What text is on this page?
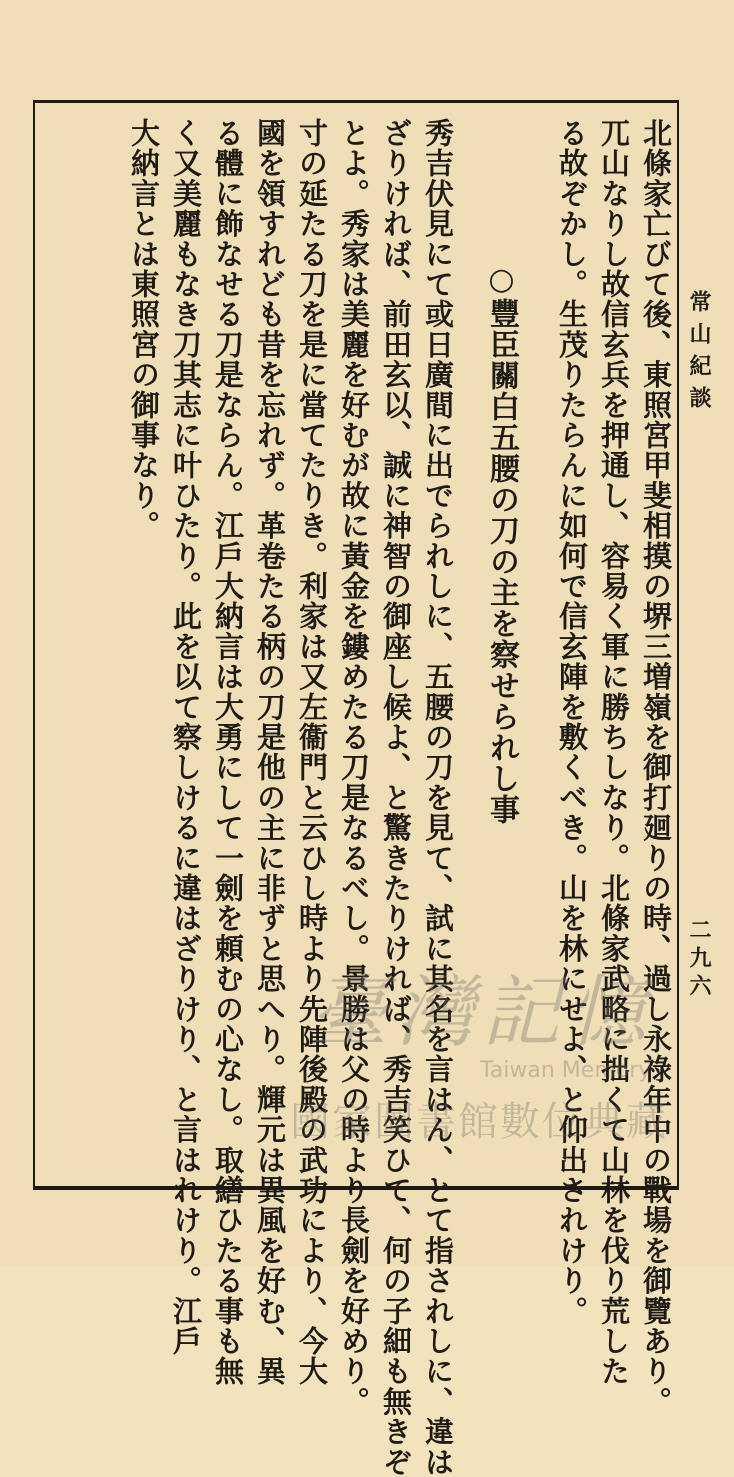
常山紀談
二九六
北條家亡びて後、東照宮甲斐相摸の堺三増嶺を御打廻りの時、過し永祿年中の戰場を御覽あり。
兀山なりし故信玄兵を押通し、容易く軍に勝ちしなり。北條家武略に拙くて山林を伐り荒した
る故ぞかし。生茂りたらんに如何で信玄陣を敷くべき。山を林にせよ、と仰出されけり。
○豐臣關白五腰の刀の主を察せられし事
秀吉伏見にて或日廣間に出でられしに、五腰の刀を見て、試に其名を言はん、とて指されしに、違は
ざりければ、前田玄以、誠に神智の御座し候よ、と驚きたりければ、秀吉笑ひて、何の子細も無きぞ
とよ。秀家は美麗を好むが故に黃金を鏤めたる刀是なるべし。景勝は父の時より長劍を好めり。
寸の延たる刀を是に當てたりき。利家は又左衞門と云ひし時より先陣後殿の武功により、今大
國を領すれども昔を忘れず。革卷たる柄の刀是他の主に非ずと思へり。輝元は異風を好む、異
る體に飾なせる刀是ならん。江戶大納言は大勇にして一劍を頼むの心なし。取繕ひたる事も無
く又美麗もなき刀其志に叶ひたり。此を以て察しけるに違はざりけり、と言はれけり。江戶
大納言とは東照宮の御事なり。
臺灣記憶
Taiwan Memory
國家圖書館數位典藏
